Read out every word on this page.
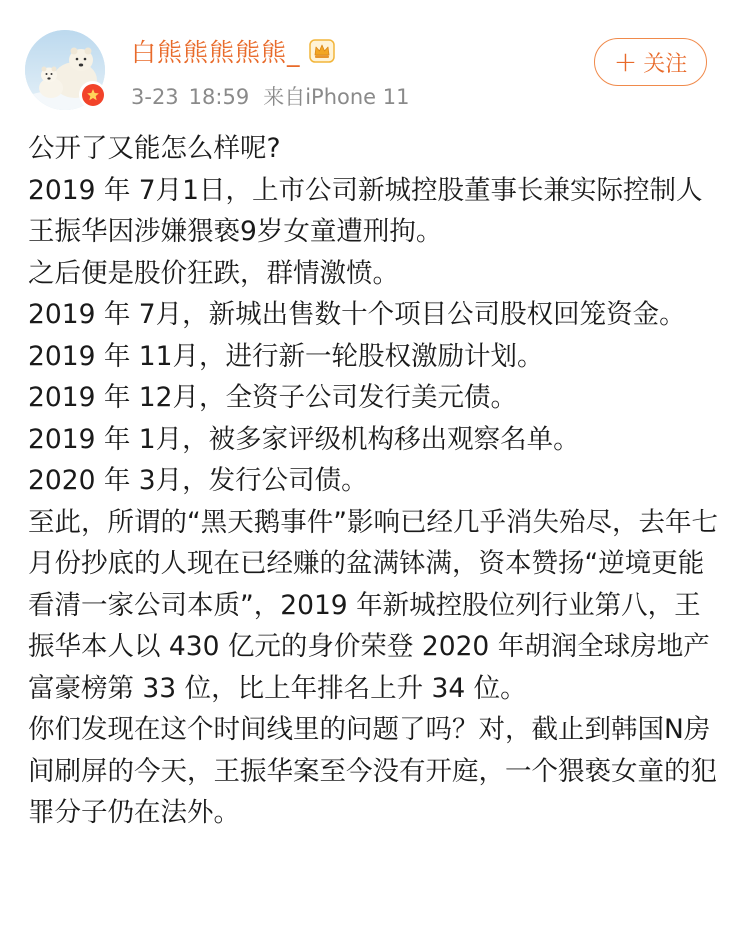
白熊熊熊熊熊_
3-23 18:59 来自iPhone 11
+ 关注

公开了又能怎么样呢?

2019 年 7月1日，上市公司新城控股董事长兼实际控制人王振华因涉嫌猥亵9岁女童遭刑拘。

之后便是股价狂跌，群情激愤。

2019 年 7月，新城出售数十个项目公司股权回笼资金。

2019 年 11月，进行新一轮股权激励计划。

2019 年 12月，全资子公司发行美元债。

2019 年 1月，被多家评级机构移出观察名单。

2020 年 3月，发行公司债。

至此，所谓的“黑天鹅事件”影响已经几乎消失殆尽，去年七月份抄底的人现在已经赚的盆满钵满，资本赞扬“逆境更能看清一家公司本质”，2019 年新城控股位列行业第八，王振华本人以 430 亿元的身价荣登 2020 年胡润全球房地产富豪榜第 33 位，比上年排名上升 34 位。

你们发现在这个时间线里的问题了吗？对，截止到韩国N房间刷屏的今天，王振华案至今没有开庭，一个猥亵女童的犯罪分子仍在法外。
